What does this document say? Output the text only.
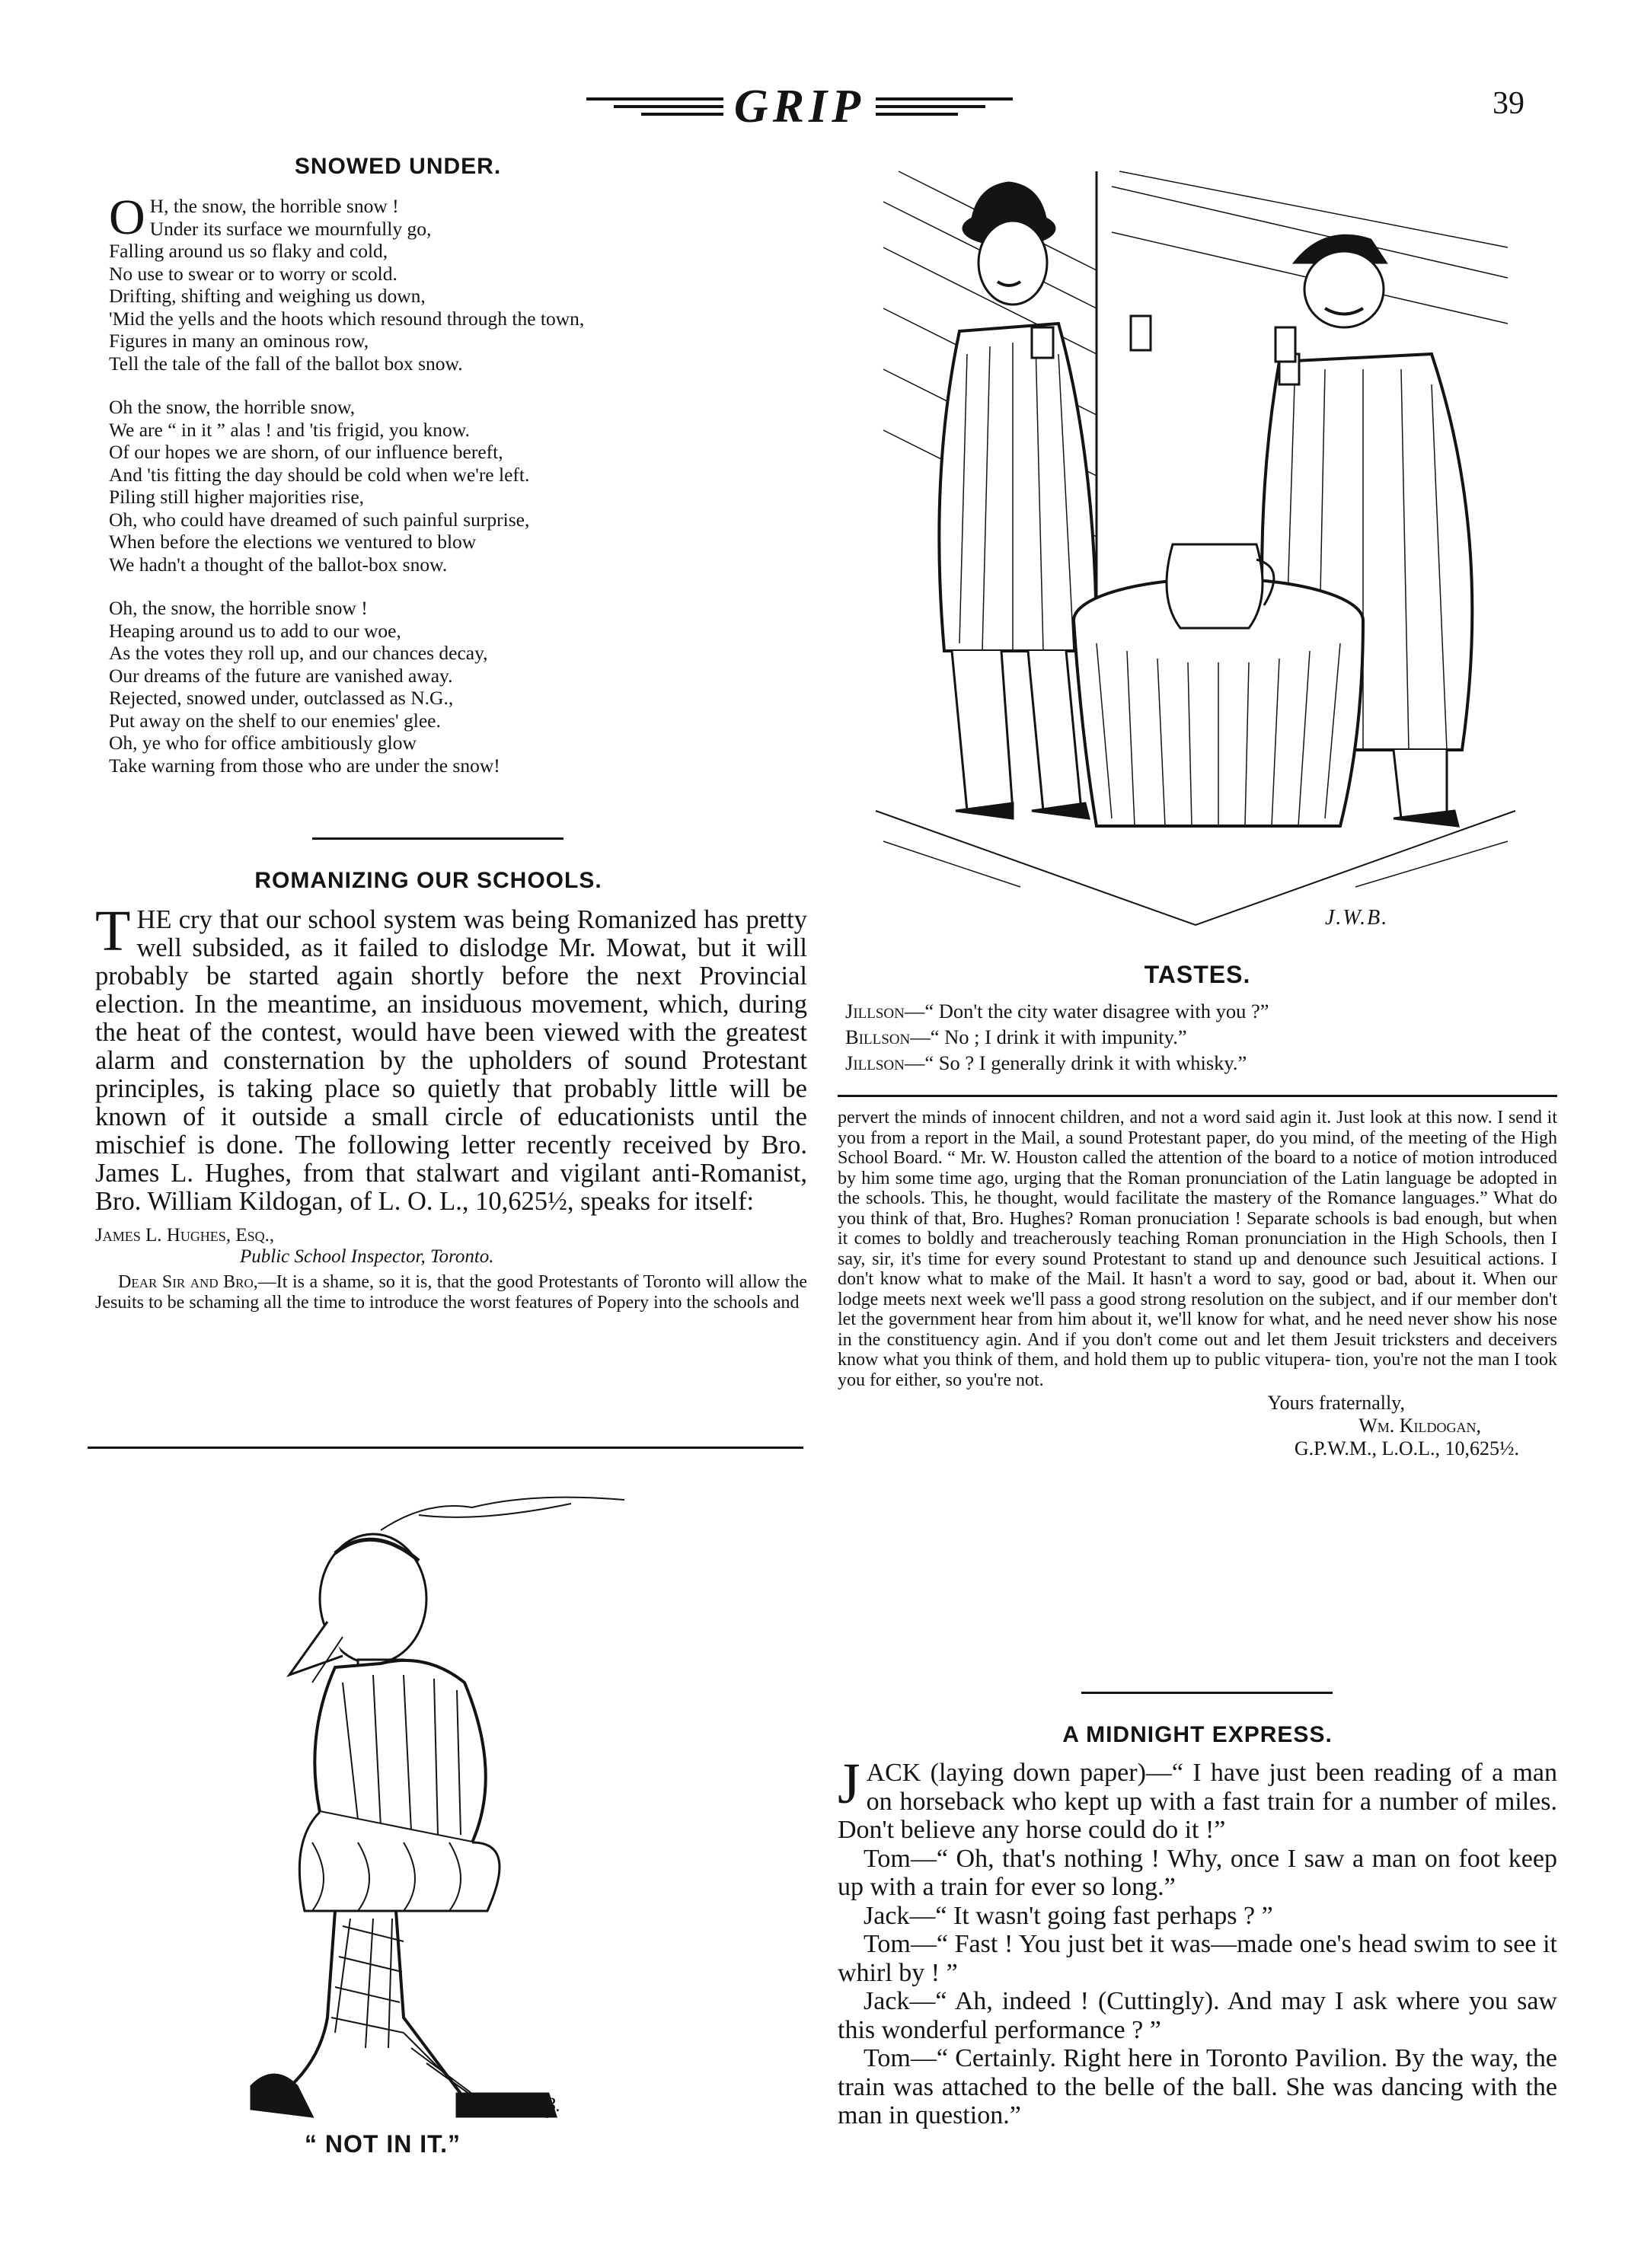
GRIP	39
SNOWED UNDER.
O H, the snow, the horrible snow !

Under its surface we mournfully go,

Falling around us so flaky and cold,

No use to swear or to worry or scold.

Drifting, shifting and weighing us down,

'Mid the yells and the hoots which resound through the town,

Figures in many an ominous row,

Tell the tale of the fall of the ballot box snow.

Oh the snow, the horrible snow,

We are “ in it ” alas ! and 'tis frigid, you know.

Of our hopes we are shorn, of our influence bereft,

And 'tis fitting the day should be cold when we're left.

Piling still higher majorities rise,

Oh, who could have dreamed of such painful surprise,

When before the elections we ventured to blow

We hadn't a thought of the ballot-box snow.

Oh, the snow, the horrible snow !

Heaping around us to add to our woe,

As the votes they roll up, and our chances decay,

Our dreams of the future are vanished away.

Rejected, snowed under, outclassed as N.G.,

Put away on the shelf to our enemies' glee.

Oh, ye who for office ambitiously glow

Take warning from those who are under the snow!

ROMANIZING OUR SCHOOLS.
T HE cry that our school system was being Romanized has pretty well subsided, as it failed to dislodge Mr. Mowat, but it will probably be started again shortly before the next Provincial election. In the meantime, an insiduous movement, which, during the heat of the contest, would have been viewed with the greatest alarm and consternation by the upholders of sound Protestant principles, is taking place so quietly that probably little will be known of it outside a small circle of educationists until the mischief is done. The following letter recently received by Bro. James L. Hughes, from that stalwart and vigilant anti-Romanist, Bro. William Kildogan, of L. O. L., 10,625½, speaks for itself:

James L. Hughes, Esq.,
Public School Inspector, Toronto.

Dear Sir and Bro,—It is a shame, so it is, that the good Protestants of Toronto will allow the Jesuits to be schaming all the time to introduce the worst features of Popery into the schools and

J.W.B.
“ NOT IN IT.”
J.W.B.
TASTES.

Jillson—“ Don't the city water disagree with you ?”

Billson—“ No ; I drink it with impunity.”

Jillson—“ So ? I generally drink it with whisky.”

pervert the minds of innocent children, and not a word said agin it. Just look at this now. I send it you from a report in the Mail, a sound Protestant paper, do you mind, of the meeting of the High School Board. “ Mr. W. Houston called the attention of the board to a notice of motion introduced by him some time ago, urging that the Roman pronunciation of the Latin language be adopted in the schools. This, he thought, would facilitate the mastery of the Romance languages.” What do you think of that, Bro. Hughes? Roman pronuciation ! Separate schools is bad enough, but when it comes to boldly and treacherously teaching Roman pronunciation in the High Schools, then I say, sir, it's time for every sound Protestant to stand up and denounce such Jesuitical actions. I don't know what to make of the Mail. It hasn't a word to say, good or bad, about it. When our lodge meets next week we'll pass a good strong resolution on the subject, and if our member don't let the government hear from him about it, we'll know for what, and he need never show his nose in the constituency agin. And if you don't come out and let them Jesuit tricksters and deceivers know what you think of them, and hold them up to public vitupera- tion, you're not the man I took you for either, so you're not.

Yours fraternally,
Wm. Kildogan,
G.P.W.M., L.O.L., 10,625½.
A MIDNIGHT EXPRESS.
J ACK (laying down paper)—“ I have just been reading of a man on horseback who kept up with a fast train for a number of miles. Don't believe any horse could do it !”

Tom—“ Oh, that's nothing ! Why, once I saw a man on foot keep up with a train for ever so long.”

Jack—“ It wasn't going fast perhaps ? ”

Tom—“ Fast ! You just bet it was—made one's head swim to see it whirl by ! ”

Jack—“ Ah, indeed ! (Cuttingly). And may I ask where you saw this wonderful performance ? ”

Tom—“ Certainly. Right here in Toronto Pavilion. By the way, the train was attached to the belle of the ball. She was dancing with the man in question.”
